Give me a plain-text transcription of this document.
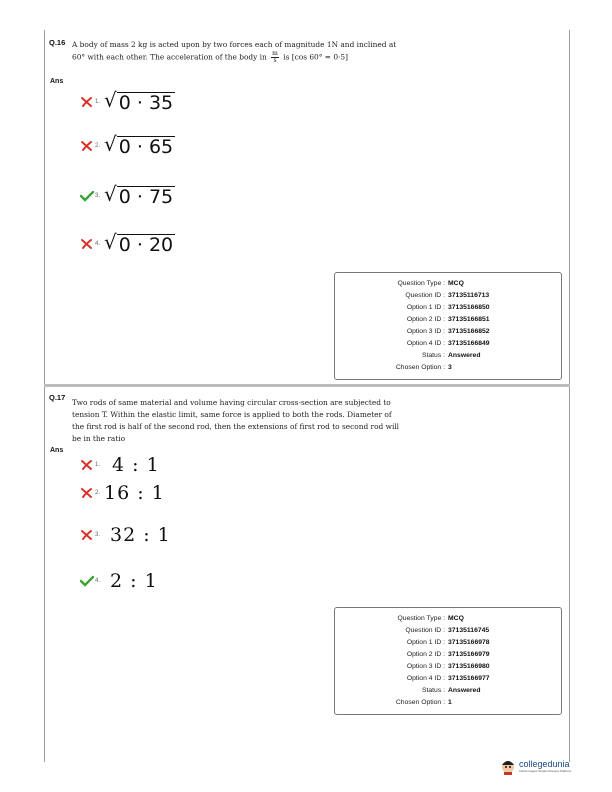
Q.16 A body of mass 2 kg is acted upon by two forces each of magnitude 1N and inclined at
60° with each other. The acceleration of the body in $\frac{m}{s}$ is [cos 60° = 0·5]
Ans
1. √ 0 · 35
2. √ 0 · 65
3. √ 0 · 75
4. √ 0 · 20
Question Type : MCQ
Question ID : 37135116713
Option 1 ID : 37135166850
Option 2 ID : 37135166851
Option 3 ID : 37135166852
Option 4 ID : 37135166849
Status : Answered
Chosen Option : 3
Q.17
Two rods of same material and volume having circular cross-section are subjected to
tension T. Within the elastic limit, same force is applied to both the rods. Diameter of
the first rod is half of the second rod, then the extensions of first rod to second rod will
be in the ratio
Ans
1. 4 : 1
2. 16 : 1
3. 32 : 1
4. 2 : 1
Question Type : MCQ
Question ID : 37135116745
Option 1 ID : 37135166978
Option 2 ID : 37135166979
Option 3 ID : 37135166980
Option 4 ID : 37135166977
Status : Answered
Chosen Option : 1
collegedunia
India's largest Student Review Platform
